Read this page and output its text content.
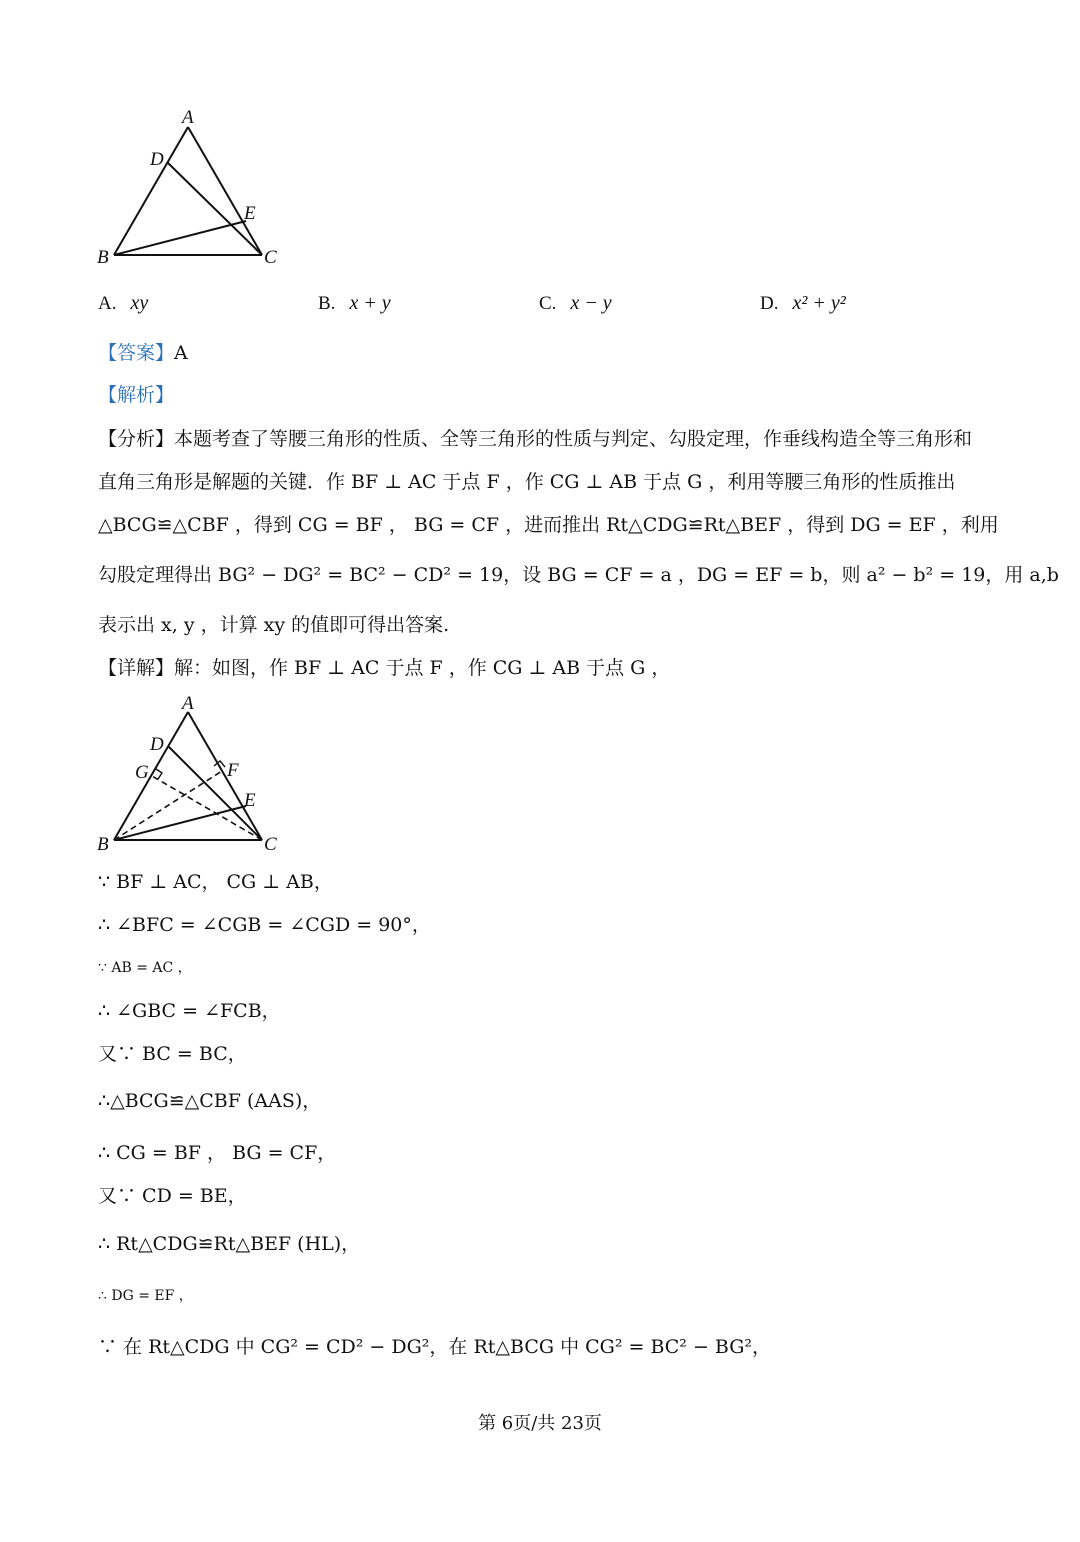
A
D
E
B	C
A. xy	B. x + y	C. x − y	D. x² + y²
【答案】A
【解析】
【分析】本题考查了等腰三角形的性质、全等三角形的性质与判定、勾股定理，作垂线构造全等三角形和
直角三角形是解题的关键．作 BF ⊥ AC 于点 F ，作 CG ⊥ AB 于点 G ，利用等腰三角形的性质推出
△BCG≌△CBF ，得到 CG = BF ， BG = CF ，进而推出 Rt△CDG≌Rt△BEF ，得到 DG = EF ，利用
勾股定理得出 BG² − DG² = BC² − CD² = 19，设 BG = CF = a ，DG = EF = b，则 a² − b² = 19，用 a,b
表示出 x, y ，计算 xy 的值即可得出答案.
【详解】解：如图，作 BF ⊥ AC 于点 F ，作 CG ⊥ AB 于点 G ，
A
D
G	F
E
B	C
∵ BF ⊥ AC， CG ⊥ AB，
∴ ∠BFC = ∠CGB = ∠CGD = 90°，
∵ AB = AC ，
∴ ∠GBC = ∠FCB，
又∵ BC = BC，
∴△BCG≌△CBF (AAS)，
∴ CG = BF ， BG = CF，
又∵ CD = BE，
∴ Rt△CDG≌Rt△BEF (HL)，
∴ DG = EF ，
∵ 在 Rt△CDG 中 CG² = CD² − DG²，在 Rt△BCG 中 CG² = BC² − BG²，
第 6页/共 23页
